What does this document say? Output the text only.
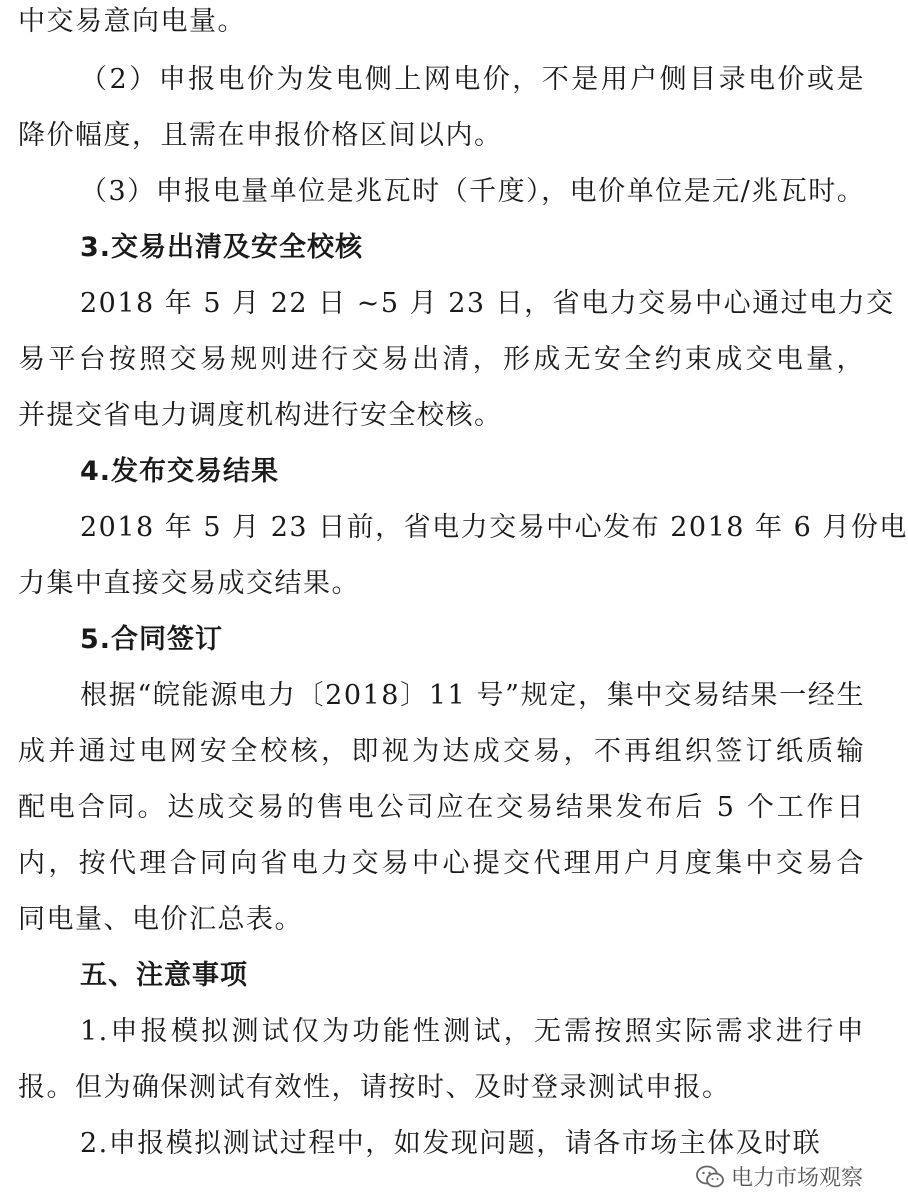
中交易意向电量。
（2）申报电价为发电侧上网电价，不是用户侧目录电价或是
降价幅度，且需在申报价格区间以内。
（3）申报电量单位是兆瓦时（千度），电价单位是元/兆瓦时。
3.交易出清及安全校核
2018 年 5 月 22 日 ~5 月 23 日，省电力交易中心通过电力交
易平台按照交易规则进行交易出清，形成无安全约束成交电量，
并提交省电力调度机构进行安全校核。
4.发布交易结果
2018 年 5 月 23 日前，省电力交易中心发布 2018 年 6 月份电
力集中直接交易成交结果。
5.合同签订
根据“皖能源电力〔2018〕11 号”规定，集中交易结果一经生
成并通过电网安全校核，即视为达成交易，不再组织签订纸质输
配电合同。达成交易的售电公司应在交易结果发布后 5 个工作日
内，按代理合同向省电力交易中心提交代理用户月度集中交易合
同电量、电价汇总表。
五、注意事项
1.申报模拟测试仅为功能性测试，无需按照实际需求进行申
报。但为确保测试有效性，请按时、及时登录测试申报。
2.申报模拟测试过程中，如发现问题，请各市场主体及时联
电力市场观察
